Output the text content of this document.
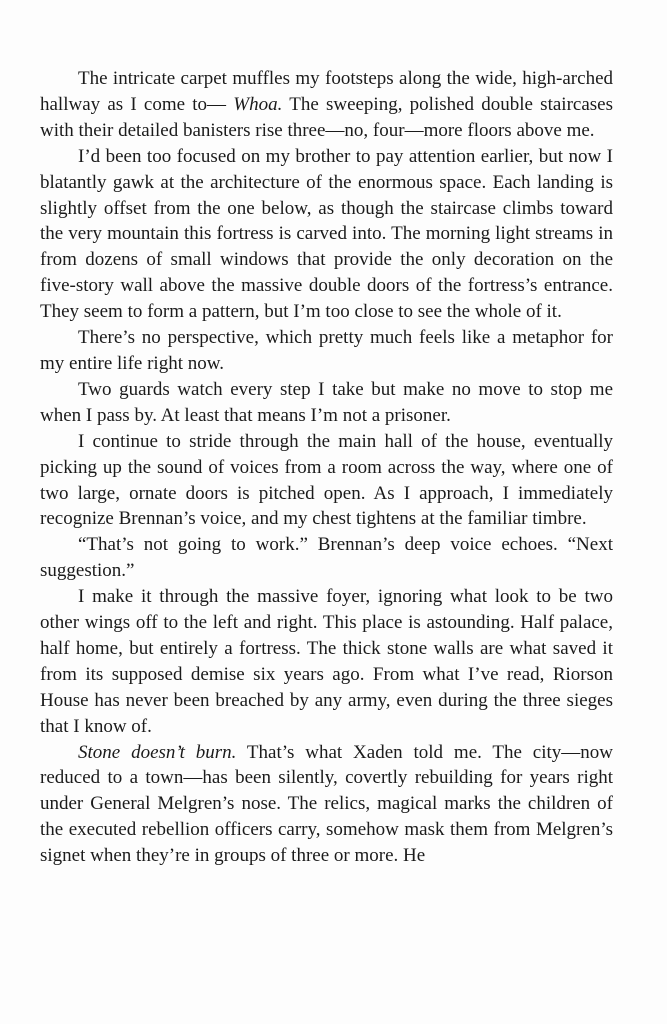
The intricate carpet muffles my footsteps along the wide, high-arched hallway as I come to— Whoa. The sweeping, polished double staircases with their detailed banisters rise three—no, four—more floors above me.

I’d been too focused on my brother to pay attention earlier, but now I blatantly gawk at the architecture of the enormous space. Each landing is slightly offset from the one below, as though the staircase climbs toward the very mountain this fortress is carved into. The morning light streams in from dozens of small windows that provide the only decoration on the five-story wall above the massive double doors of the fortress’s entrance. They seem to form a pattern, but I’m too close to see the whole of it.

There’s no perspective, which pretty much feels like a metaphor for my entire life right now.

Two guards watch every step I take but make no move to stop me when I pass by. At least that means I’m not a prisoner.

I continue to stride through the main hall of the house, eventually picking up the sound of voices from a room across the way, where one of two large, ornate doors is pitched open. As I approach, I immediately recognize Brennan’s voice, and my chest tightens at the familiar timbre.

“That’s not going to work.” Brennan’s deep voice echoes. “Next suggestion.”

I make it through the massive foyer, ignoring what look to be two other wings off to the left and right. This place is astounding. Half palace, half home, but entirely a fortress. The thick stone walls are what saved it from its supposed demise six years ago. From what I’ve read, Riorson House has never been breached by any army, even during the three sieges that I know of.

Stone doesn’t burn. That’s what Xaden told me. The city—now reduced to a town—has been silently, covertly rebuilding for years right under General Melgren’s nose. The relics, magical marks the children of the executed rebellion officers carry, somehow mask them from Melgren’s signet when they’re in groups of three or more. He
